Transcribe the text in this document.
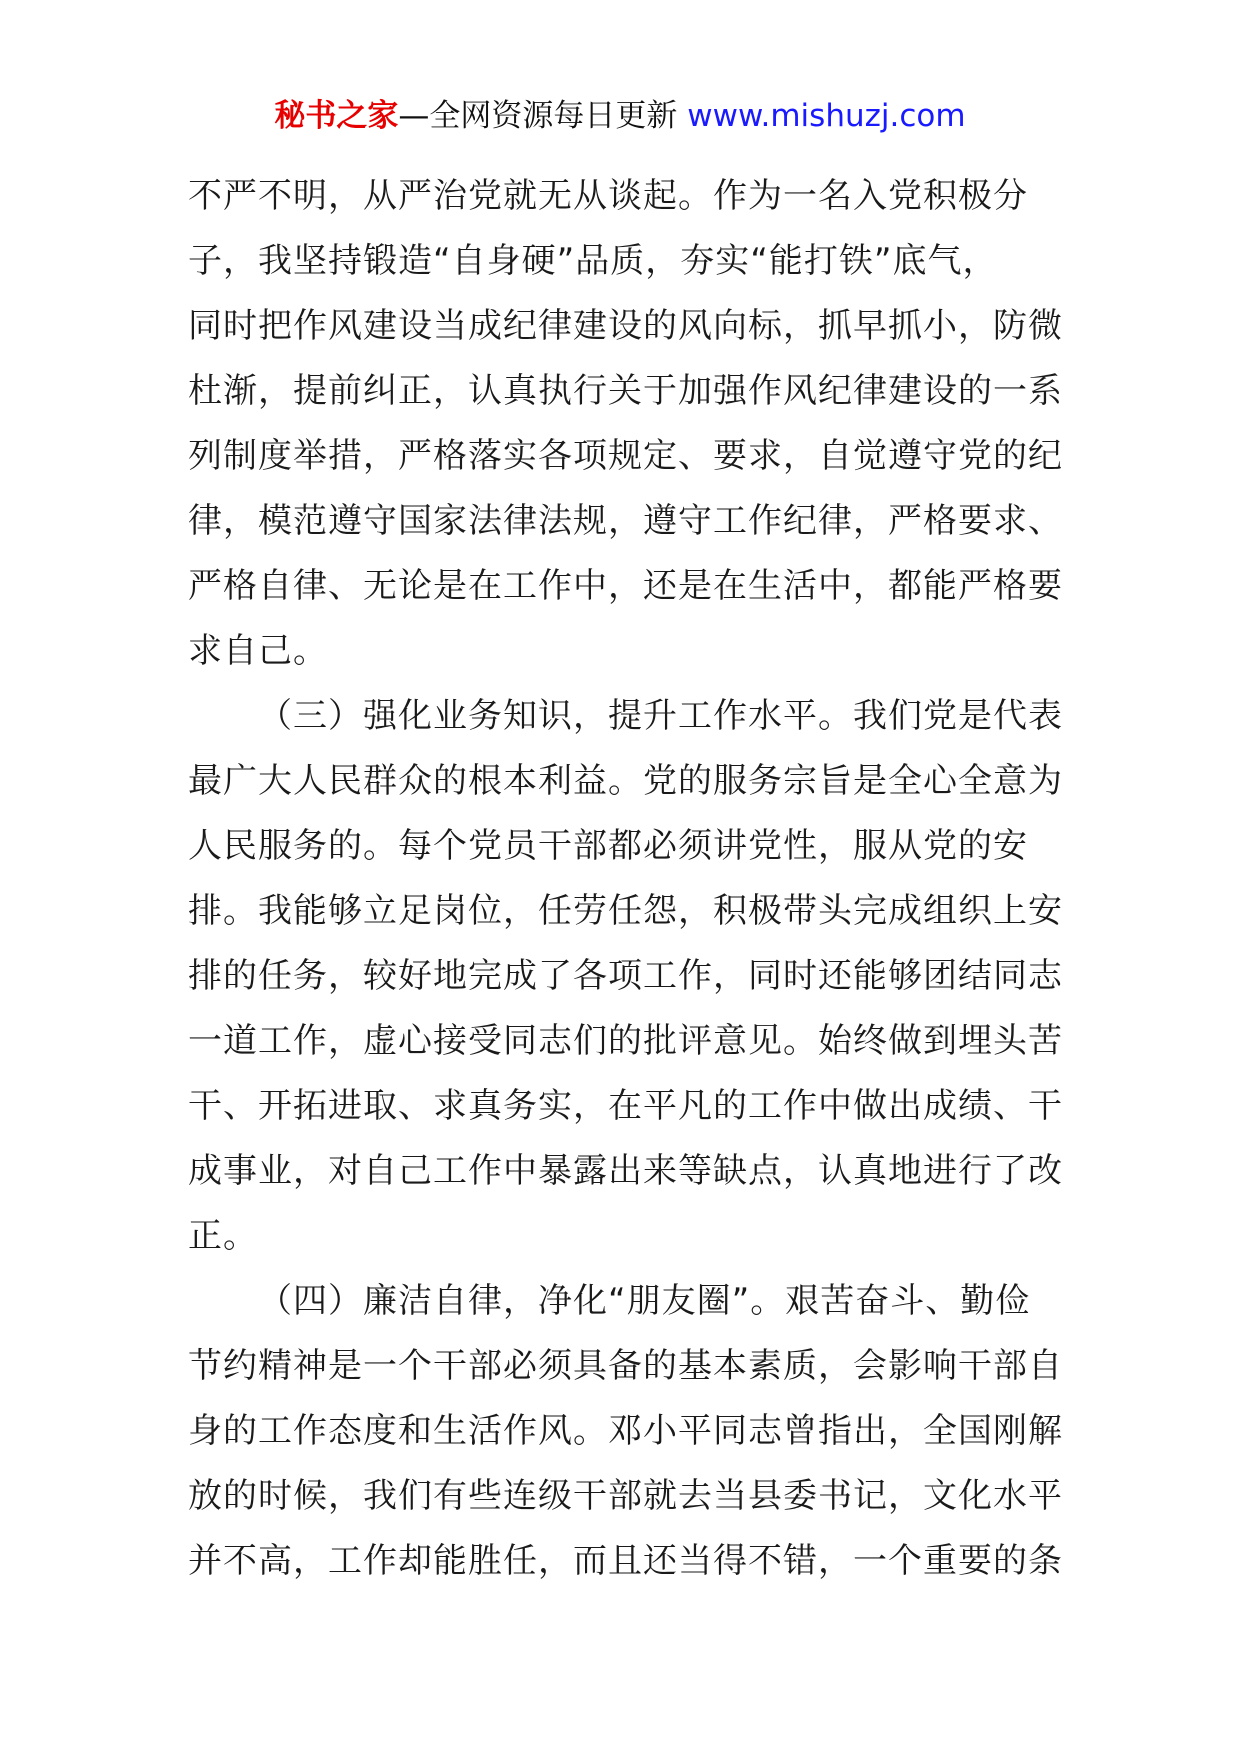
秘书之家—全网资源每日更新 www.mishuzj.com
不严不明，从严治党就无从谈起。作为一名入党积极分
子，我坚持锻造“自身硬”品质，夯实“能打铁”底气，
同时把作风建设当成纪律建设的风向标，抓早抓小，防微
杜渐，提前纠正，认真执行关于加强作风纪律建设的一系
列制度举措，严格落实各项规定、要求，自觉遵守党的纪
律，模范遵守国家法律法规，遵守工作纪律，严格要求、
严格自律、无论是在工作中，还是在生活中，都能严格要
求自己。
（三）强化业务知识，提升工作水平。我们党是代表
最广大人民群众的根本利益。党的服务宗旨是全心全意为
人民服务的。每个党员干部都必须讲党性，服从党的安
排。我能够立足岗位，任劳任怨，积极带头完成组织上安
排的任务，较好地完成了各项工作，同时还能够团结同志
一道工作，虚心接受同志们的批评意见。始终做到埋头苦
干、开拓进取、求真务实，在平凡的工作中做出成绩、干
成事业，对自己工作中暴露出来等缺点，认真地进行了改
正。
（四）廉洁自律，净化“朋友圈”。艰苦奋斗、勤俭
节约精神是一个干部必须具备的基本素质，会影响干部自
身的工作态度和生活作风。邓小平同志曾指出，全国刚解
放的时候，我们有些连级干部就去当县委书记，文化水平
并不高，工作却能胜任，而且还当得不错，一个重要的条
